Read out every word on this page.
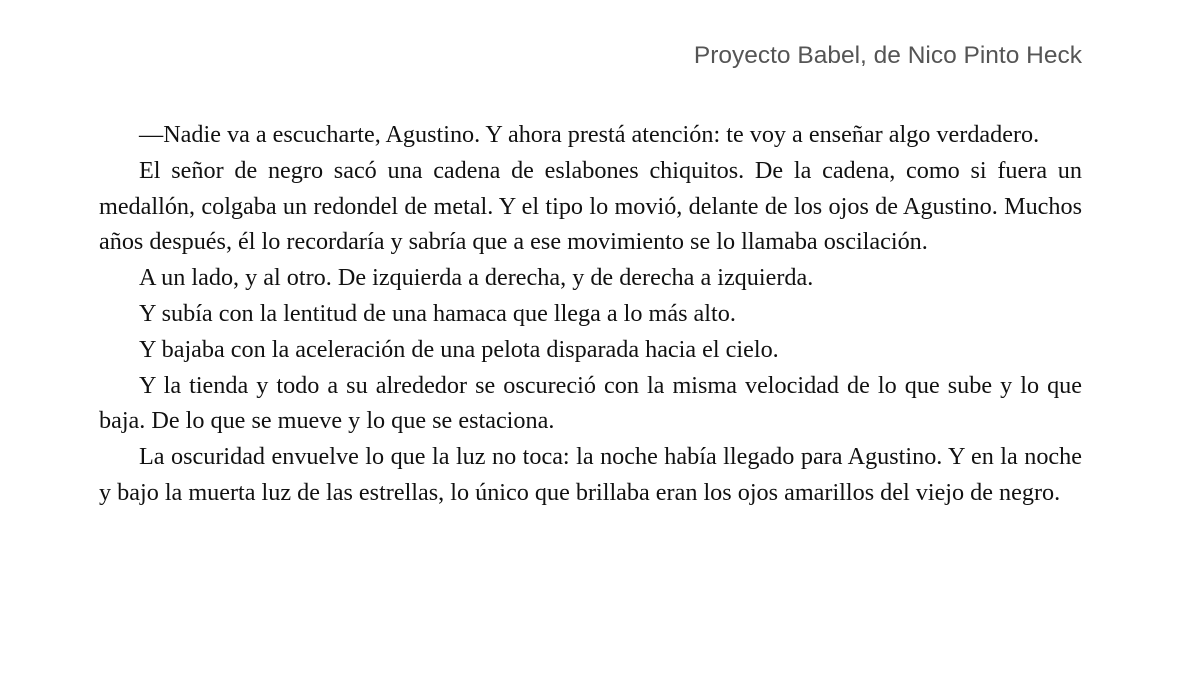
Proyecto Babel, de Nico Pinto Heck

—Nadie va a escucharte, Agustino. Y ahora prestá atención: te voy a enseñar algo verdadero.

El señor de negro sacó una cadena de eslabones chiquitos. De la cadena, como si fuera un medallón, colgaba un redondel de metal. Y el tipo lo movió, delante de los ojos de Agustino. Muchos años después, él lo recordaría y sabría que a ese movimiento se lo llamaba oscilación.

A un lado, y al otro. De izquierda a derecha, y de derecha a izquierda.

Y subía con la lentitud de una hamaca que llega a lo más alto.

Y bajaba con la aceleración de una pelota disparada hacia el cielo.

Y la tienda y todo a su alrededor se oscureció con la misma velocidad de lo que sube y lo que baja. De lo que se mueve y lo que se estaciona.

La oscuridad envuelve lo que la luz no toca: la noche había llegado para Agustino. Y en la noche y bajo la muerta luz de las estrellas, lo único que brillaba eran los ojos amarillos del viejo de negro.
